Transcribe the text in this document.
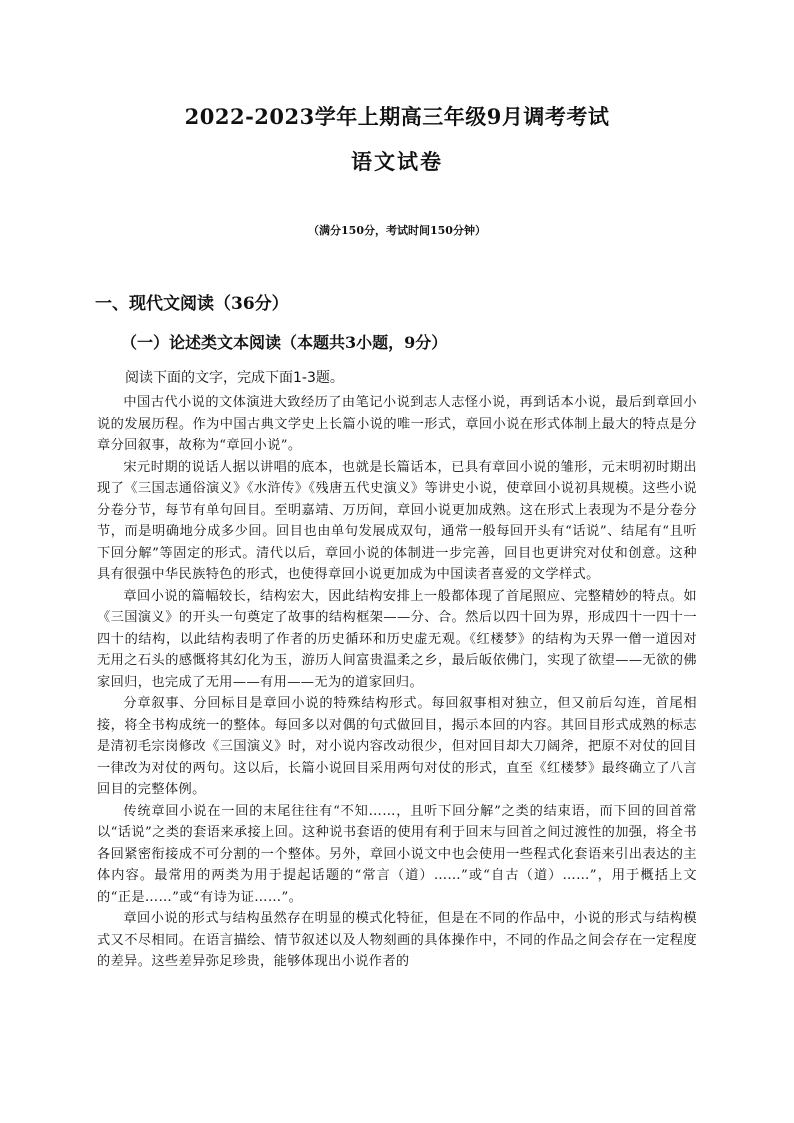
2022-2023学年上期高三年级9月调考考试
语文试卷
（满分150分，考试时间150分钟）
一、现代文阅读（36分）
（一）论述类文本阅读（本题共3小题，9分）
阅读下面的文字，完成下面1-3题。

中国古代小说的文体演进大致经历了由笔记小说到志人志怪小说，再到话本小说，最后到章回小说的发展历程。作为中国古典文学史上长篇小说的唯一形式，章回小说在形式体制上最大的特点是分章分回叙事，故称为“章回小说”。

宋元时期的说话人据以讲唱的底本，也就是长篇话本，已具有章回小说的雏形，元末明初时期出现了《三国志通俗演义》《水浒传》《残唐五代史演义》等讲史小说，使章回小说初具规模。这些小说分卷分节，每节有单句回目。至明嘉靖、万历间，章回小说更加成熟。这在形式上表现为不是分卷分节，而是明确地分成多少回。回目也由单句发展成双句，通常一般每回开头有“话说”、结尾有“且听下回分解”等固定的形式。清代以后，章回小说的体制进一步完善，回目也更讲究对仗和创意。这种具有很强中华民族特色的形式，也使得章回小说更加成为中国读者喜爱的文学样式。

章回小说的篇幅较长，结构宏大，因此结构安排上一般都体现了首尾照应、完整精妙的特点。如《三国演义》的开头一句奠定了故事的结构框架——分、合。然后以四十回为界，形成四十一四十一四十的结构，以此结构表明了作者的历史循环和历史虚无观。《红楼梦》的结构为天界一僧一道因对无用之石头的感慨将其幻化为玉，游历人间富贵温柔之乡，最后皈依佛门，实现了欲望——无欲的佛家回归，也完成了无用——有用——无为的道家回归。

分章叙事、分回标目是章回小说的特殊结构形式。每回叙事相对独立，但又前后勾连，首尾相接，将全书构成统一的整体。每回多以对偶的句式做回目，揭示本回的内容。其回目形式成熟的标志是清初毛宗岗修改《三国演义》时，对小说内容改动很少，但对回目却大刀阔斧，把原不对仗的回目一律改为对仗的两句。这以后，长篇小说回目采用两句对仗的形式，直至《红楼梦》最终确立了八言回目的完整体例。

传统章回小说在一回的末尾往往有“不知……，且听下回分解”之类的结束语，而下回的回首常以“话说”之类的套语来承接上回。这种说书套语的使用有利于回末与回首之间过渡性的加强，将全书各回紧密衔接成不可分割的一个整体。另外，章回小说文中也会使用一些程式化套语来引出表达的主体内容。最常用的两类为用于提起话题的“常言（道）……”或“自古（道）……”，用于概括上文的“正是……”或“有诗为证……”。

章回小说的形式与结构虽然存在明显的模式化特征，但是在不同的作品中，小说的形式与结构模式又不尽相同。在语言描绘、情节叙述以及人物刻画的具体操作中，不同的作品之间会存在一定程度的差异。这些差异弥足珍贵，能够体现出小说作者的
